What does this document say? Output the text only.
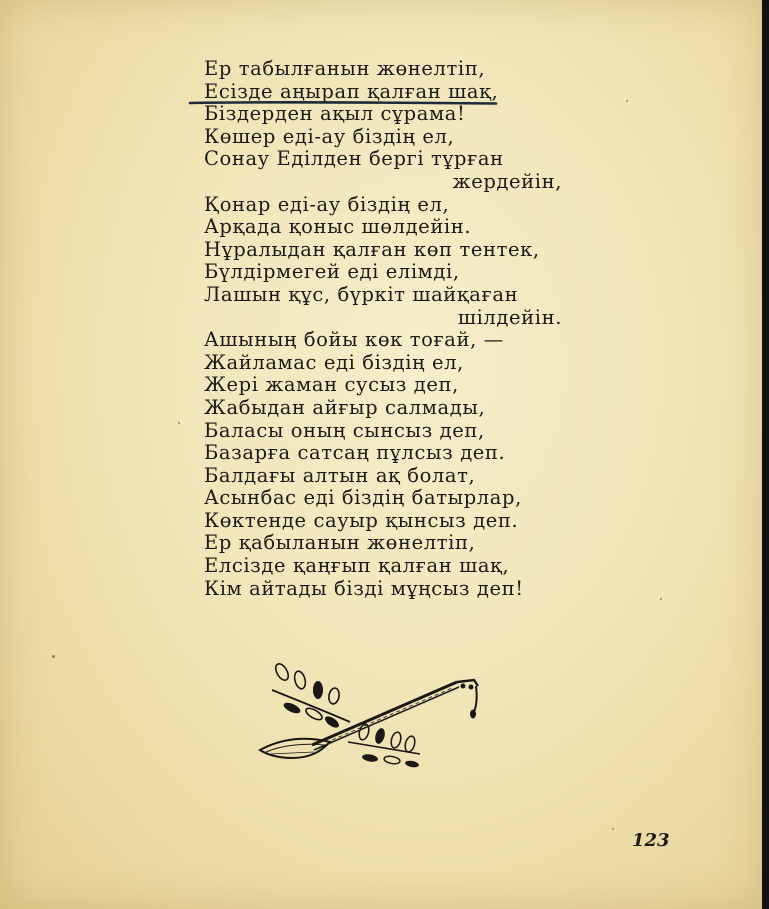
Ер табылғанын жөнелтіп,
Есізде аңырап қалған шақ,
Біздерден ақыл сұрама!
Көшер еді-ау біздің ел,
Сонау Еділден бергі тұрған
жердейін,
Қонар еді-ау біздің ел,
Арқада қоныс шөлдейін.
Нұралыдан қалған көп тентек,
Бүлдірмегей еді елімді,
Лашын құс, бүркіт шайқаған
шілдейін.
Ашының бойы көк тоғай, —
Жайламас еді біздің ел,
Жері жаман сусыз деп,
Жабыдан айғыр салмады,
Баласы оның сынсыз деп,
Базарға сатсаң пұлсыз деп.
Балдағы алтын ақ болат,
Асынбас еді біздің батырлар,
Көктенде сауыр қынсыз деп.
Ер қабыланын жөнелтіп,
Елсізде қаңғып қалған шақ,
Кім айтады бізді мұңсыз деп!
123
